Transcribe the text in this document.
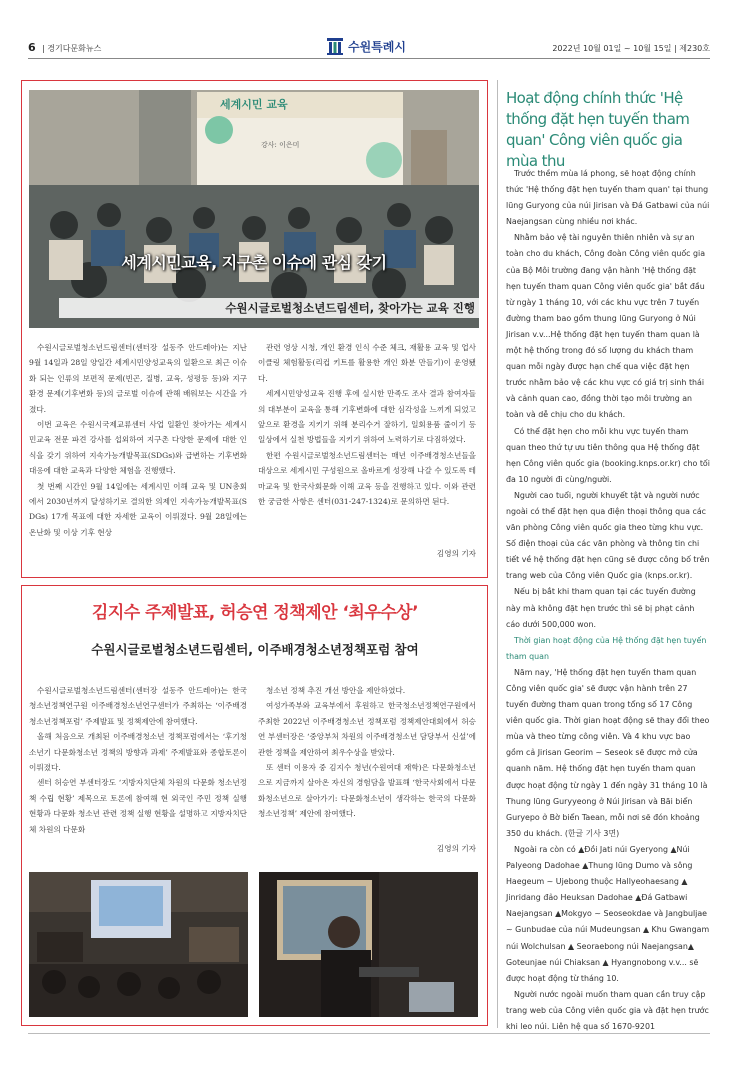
6 | 경기다문화뉴스	수원특례시	2022년 10월 01일 ~ 10월 15일 | 제230호
세계시민 교육
강사: 이은미
세계시민교육, 지구촌 이슈에 관심 갖기
수원시글로벌청소년드림센터, 찾아가는 교육 진행

수원시글로벌청소년드림센터(센터장 설동주 안드레아)는 지난 9월 14일과 28일 양일간 세계시민양성교육의 일환으로 최근 이슈화 되는 인류의 보편적 문제(빈곤, 질병, 교육, 성평등 등)와 지구 환경 문제(기후변화 등)의 글로벌 이슈에 관해 배워보는 시간을 가졌다.

이번 교육은 수원시국제교류센터 사업 일환인 찾아가는 세계시민교육 전문 파견 강사를 섭외하여 지구촌 다양한 문제에 대한 인식을 갖기 위하여 지속가능개발목표(SDGs)와 급변하는 기후변화 대응에 대한 교육과 다양한 체험을 진행했다.

첫 번째 시간인 9월 14일에는 세계시민 이해 교육 및 UN총회에서 2030년까지 달성하기로 결의한 의제인 지속가능개발목표(SDGs) 17개 목표에 대한 자세한 교육이 이뤄졌다. 9월 28일에는 온난화 및 이상 기후 현상

관련 영상 시청, 개인 환경 인식 수준 체크, 재활용 교육 및 업사이클링 체험활동(리컵 키트를 활용한 개인 화분 만들기)이 운영됐다.

세계시민양성교육 진행 후에 실시한 만족도 조사 결과 참여자들의 대부분이 교육을 통해 기후변화에 대한 심각성을 느끼게 되었고 앞으로 환경을 지키기 위해 분리수거 잘하기, 일회용품 줄이기 등 일상에서 실천 방법들을 지키기 위하여 노력하기로 다짐하였다.

한편 수원시글로벌청소년드림센터는 매년 이주배경청소년들을 대상으로 세계시민 구성원으로 올바르게 성장해 나갈 수 있도록 테마교육 및 한국사회문화 이해 교육 등을 진행하고 있다. 이와 관련한 궁금한 사항은 센터(031-247-1324)로 문의하면 된다.

김영의 기자
김지수 주제발표, 허승연 정책제안 ‘최우수상’
수원시글로벌청소년드림센터, 이주배경청소년정책포럼 참여

수원시글로벌청소년드림센터(센터장 설동주 안드레아)는 한국청소년정책연구원 이주배경청소년연구센터가 주최하는 ‘이주배경청소년정책포럼’ 주제발표 및 정책제안에 참여했다.

올해 처음으로 개최된 이주배경청소년 정책포럼에서는 ‘후기청소년기 다문화청소년 정책의 방향과 과제’ 주제발표와 종합토론이 이뤄졌다.

센터 허승연 부센터장도 ‘지방자치단체 차원의 다문화 청소년정책 수립 현황’ 제목으로 토론에 참여해 현 외국인 주민 정책 실행 현황과 다문화 청소년 관련 정책 실행 현황을 설명하고 지방자치단체 차원의 다문화

청소년 정책 추진 개선 방안을 제안하였다.

여성가족부와 교육부에서 후원하고 한국청소년정책연구원에서 주최한 2022년 이주배경청소년 정책포럼 정책제안대회에서 허승연 부센터장은 ‘중앙부처 차원의 이주배경청소년 담당부서 신설’에 관한 정책을 제안하여 최우수상을 받았다.

또 센터 이용자 중 김지수 청년(수원여대 재학)은 다문화청소년으로 지금까지 살아온 자신의 경험담을 발표해 ‘한국사회에서 다문화청소년으로 살아가기: 다문화청소년이 생각하는 한국의 다문화청소년정책’ 제안에 참여했다.

김영의 기자
Hoạt động chính thức 'Hệ thống đặt hẹn tuyến tham quan' Công viên quốc gia mùa thu

Trước thềm mùa lá phong, sẽ hoạt động chính thức 'Hệ thống đặt hẹn tuyến tham quan' tại thung lũng Guryong của núi Jirisan và Đá Gatbawi của núi Naejangsan cùng nhiều nơi khác.

Nhằm bảo vệ tài nguyên thiên nhiên và sự an toàn cho du khách, Công đoàn Công viên quốc gia của Bộ Môi trường đang vận hành 'Hệ thống đặt hẹn tuyến tham quan Công viên quốc gia' bắt đầu từ ngày 1 tháng 10, với các khu vực trên 7 tuyến đường tham bao gồm thung lũng Guryong ở Núi Jirisan v.v...Hệ thống đặt hẹn tuyến tham quan là một hệ thống trong đó số lượng du khách tham quan mỗi ngày được hạn chế qua việc đặt hẹn trước nhằm bảo vệ các khu vực có giá trị sinh thái và cảnh quan cao, đồng thời tạo môi trường an toàn và dễ chịu cho du khách.

Có thể đặt hẹn cho mỗi khu vực tuyến tham quan theo thứ tự ưu tiên thông qua Hệ thống đặt hẹn Công viên quốc gia (booking.knps.or.kr) cho tối đa 10 người đi cùng/người.

Người cao tuổi, người khuyết tật và người nước ngoài có thể đặt hẹn qua điện thoại thông qua các văn phòng Công viên quốc gia theo từng khu vực. Số điện thoại của các văn phòng và thông tin chi tiết về hệ thống đặt hẹn cũng sẽ được công bố trên trang web của Công viên Quốc gia (knps.or.kr).

Nếu bị bắt khi tham quan tại các tuyến đường này mà không đặt hẹn trước thì sẽ bị phạt cảnh cáo dưới 500,000 won.

Thời gian hoạt động của Hệ thống đặt hẹn tuyến tham quan

Năm nay, 'Hệ thống đặt hẹn tuyến tham quan Công viên quốc gia' sẽ được vận hành trên 27 tuyến đường tham quan trong tổng số 17 Công viên quốc gia. Thời gian hoạt động sẽ thay đổi theo mùa và theo từng công viên. Và 4 khu vực bao gồm cả Jirisan Georim ~ Seseok sẽ được mở cửa quanh năm. Hệ thống đặt hẹn tuyến tham quan được hoạt động từ ngày 1 đến ngày 31 tháng 10 là Thung lũng Guryyeong ở Núi Jirisan và Bãi biển Guryepo ở Bờ biển Taean, mỗi nơi sẽ đón khoảng 350 du khách. (한글 기사 3면)

Ngoài ra còn có ▲Đồi Jati núi Gyeryong ▲Núi Palyeong Dadohae ▲Thung lũng Dumo và sông Haegeum ~ Ujebong thuộc Hallyeohaesang ▲ Jinridang đảo Heuksan Dadohae ▲Đá Gatbawi Naejangsan ▲Mokgyo ~ Seoseokdae và Jangbuljae ~ Gunbudae của núi Mudeungsan ▲ Khu Gwangam núi Wolchulsan ▲ Seoraebong núi Naejangsan▲ Goteunjae núi Chiaksan ▲ Hyangnobong v.v... sẽ được hoạt động từ tháng 10.

Người nước ngoài muốn tham quan cần truy cập trang web của Công viên quốc gia và đặt hẹn trước khi leo núi. Liên hệ qua số 1670-9201
